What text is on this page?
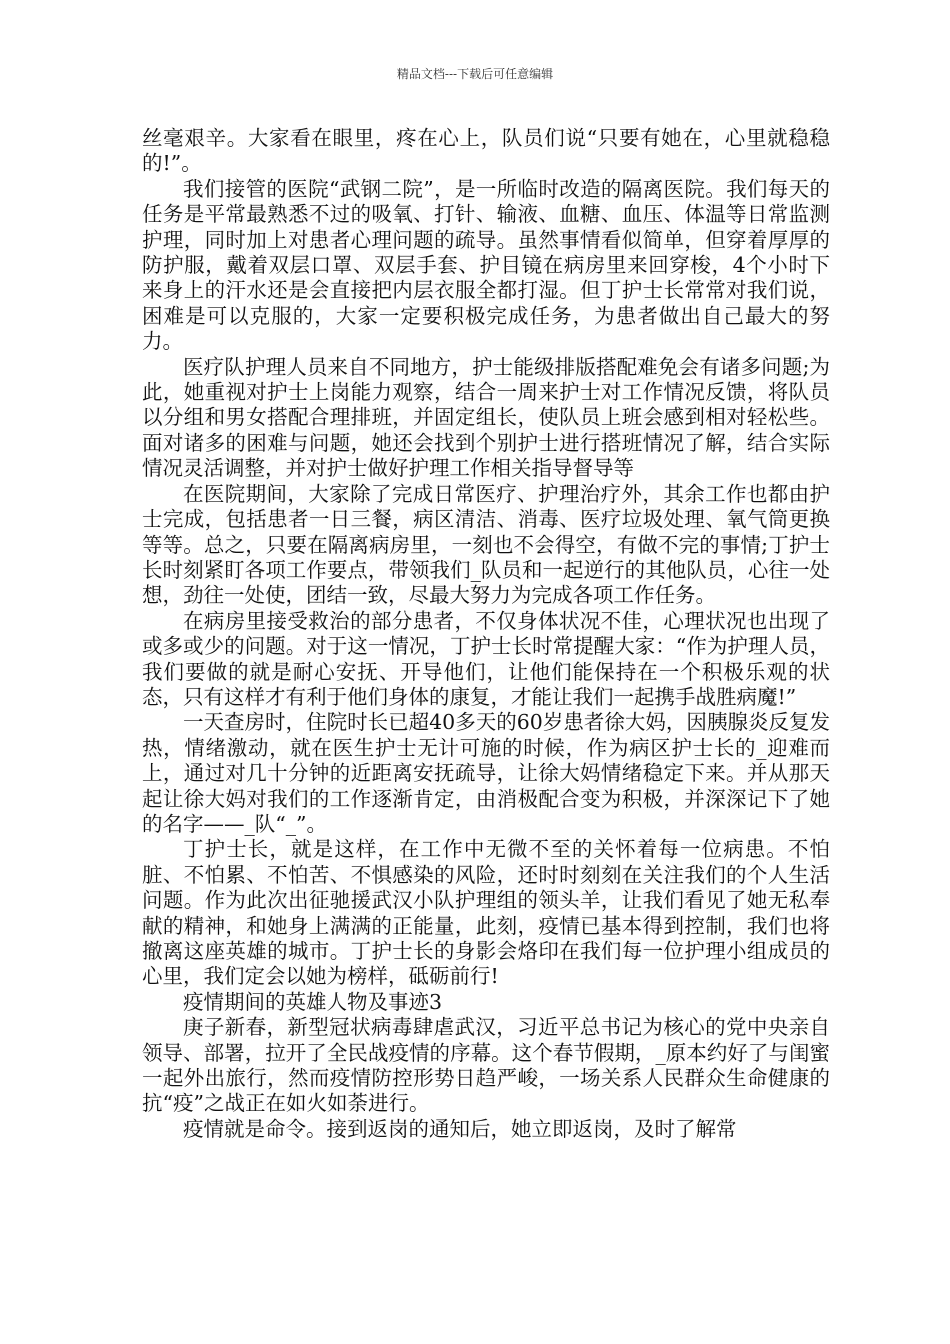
精品文档---下载后可任意编辑

丝毫艰辛。大家看在眼里，疼在心上，队员们说“只要有她在，心里就稳稳的!”。

我们接管的医院“武钢二院”，是一所临时改造的隔离医院。我们每天的任务是平常最熟悉不过的吸氧、打针、输液、血糖、血压、体温等日常监测护理，同时加上对患者心理问题的疏导。虽然事情看似简单，但穿着厚厚的防护服，戴着双层口罩、双层手套、护目镜在病房里来回穿梭，4个小时下来身上的汗水还是会直接把内层衣服全都打湿。但丁护士长常常对我们说，困难是可以克服的，大家一定要积极完成任务，为患者做出自己最大的努力。

医疗队护理人员来自不同地方，护士能级排版搭配难免会有诸多问题;为此，她重视对护士上岗能力观察，结合一周来护士对工作情况反馈，将队员以分组和男女搭配合理排班，并固定组长，使队员上班会感到相对轻松些。面对诸多的困难与问题，她还会找到个别护士进行搭班情况了解，结合实际情况灵活调整，并对护士做好护理工作相关指导督导等

在医院期间，大家除了完成日常医疗、护理治疗外，其余工作也都由护士完成，包括患者一日三餐，病区清洁、消毒、医疗垃圾处理、氧气筒更换等等。总之，只要在隔离病房里，一刻也不会得空，有做不完的事情;丁护士长时刻紧盯各项工作要点，带领我们_队员和一起逆行的其他队员，心往一处想，劲往一处使，团结一致，尽最大努力为完成各项工作任务。

在病房里接受救治的部分患者，不仅身体状况不佳，心理状况也出现了或多或少的问题。对于这一情况，丁护士长时常提醒大家：“作为护理人员，我们要做的就是耐心安抚、开导他们，让他们能保持在一个积极乐观的状态，只有这样才有利于他们身体的康复，才能让我们一起携手战胜病魔!”

一天查房时，住院时长已超40多天的60岁患者徐大妈，因胰腺炎反复发热，情绪激动，就在医生护士无计可施的时候，作为病区护士长的_迎难而上，通过对几十分钟的近距离安抚疏导，让徐大妈情绪稳定下来。并从那天起让徐大妈对我们的工作逐渐肯定，由消极配合变为积极，并深深记下了她的名字——_队“_”。

丁护士长，就是这样，在工作中无微不至的关怀着每一位病患。不怕脏、不怕累、不怕苦、不惧感染的风险，还时时刻刻在关注我们的个人生活问题。作为此次出征驰援武汉小队护理组的领头羊，让我们看见了她无私奉献的精神，和她身上满满的正能量，此刻，疫情已基本得到控制，我们也将撤离这座英雄的城市。丁护士长的身影会烙印在我们每一位护理小组成员的心里，我们定会以她为榜样，砥砺前行!

疫情期间的英雄人物及事迹3

庚子新春，新型冠状病毒肆虐武汉，习近平总书记为核心的党中央亲自领导、部署，拉开了全民战疫情的序幕。这个春节假期，_原本约好了与闺蜜一起外出旅行，然而疫情防控形势日趋严峻，一场关系人民群众生命健康的抗“疫”之战正在如火如荼进行。

疫情就是命令。接到返岗的通知后，她立即返岗，及时了解常
